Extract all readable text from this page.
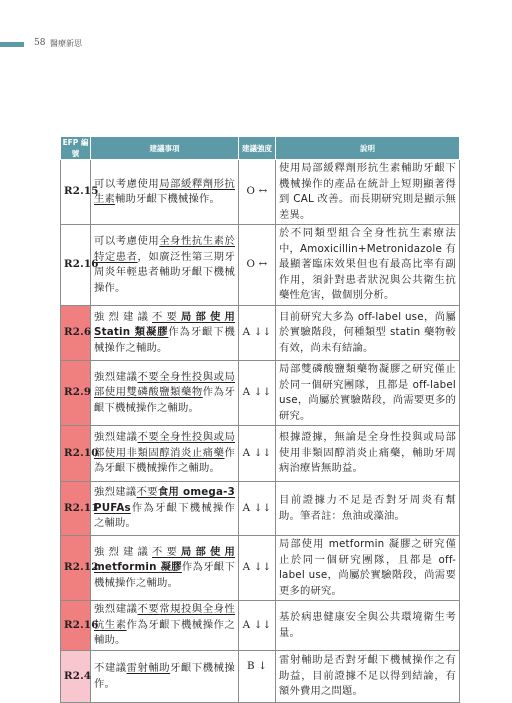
58 醫療新思
EFP 編號	建議事項	建議強度	說明
R2.15	可以考慮使用局部緩釋劑形抗生素輔助牙齦下機械操作。	O ↔	使用局部緩釋劑形抗生素輔助牙齦下機械操作的產品在統計上短期顯著得到 CAL 改善。而長期研究則是顯示無差異。
R2.16	可以考慮使用全身性抗生素於特定患者，如廣泛性第三期牙周炎年輕患者輔助牙齦下機械操作。	O ↔	於不同類型組合全身性抗生素療法中，Amoxicillin+Metronidazole 有最顯著臨床效果但也有最高比率有副作用，須針對患者狀況與公共衛生抗藥性危害，做個別分析。
R2.6	強烈建議不要局部使用 Statin 類凝膠作為牙齦下機械操作之輔助。	A ↓↓	目前研究大多為 off-label use，尚屬於實驗階段，何種類型 statin 藥物較有效，尚未有結論。
R2.9	強烈建議不要全身性投與或局部使用雙磷酸鹽類藥物作為牙齦下機械操作之輔助。	A ↓↓	局部雙磷酸鹽類藥物凝膠之研究僅止於同一個研究團隊，且都是 off-label use，尚屬於實驗階段，尚需要更多的研究。
R2.10	強烈建議不要全身性投與或局部使用非類固醇消炎止痛藥作為牙齦下機械操作之輔助。	A ↓↓	根據證據，無論是全身性投與或局部使用非類固醇消炎止痛藥，輔助牙周病治療皆無助益。
R2.11	強烈建議不要食用 omega-3 PUFAs作為牙齦下機械操作之輔助。	A ↓↓	目前證據力不足是否對牙周炎有幫助。筆者註：魚油或藻油。
R2.12	強烈建議不要局部使用 metformin 凝膠作為牙齦下機械操作之輔助。	A ↓↓	局部使用 metformin 凝膠之研究僅止於同一個研究團隊，且都是 off-label use，尚屬於實驗階段，尚需要更多的研究。
R2.16	強烈建議不要常規投與全身性抗生素作為牙齦下機械操作之輔助。	A ↓↓	基於病患健康安全與公共環境衛生考量。
R2.4	不建議雷射輔助牙齦下機械操作。	B ↓	雷射輔助是否對牙齦下機械操作之有助益，目前證據不足以得到結論，有額外費用之問題。
